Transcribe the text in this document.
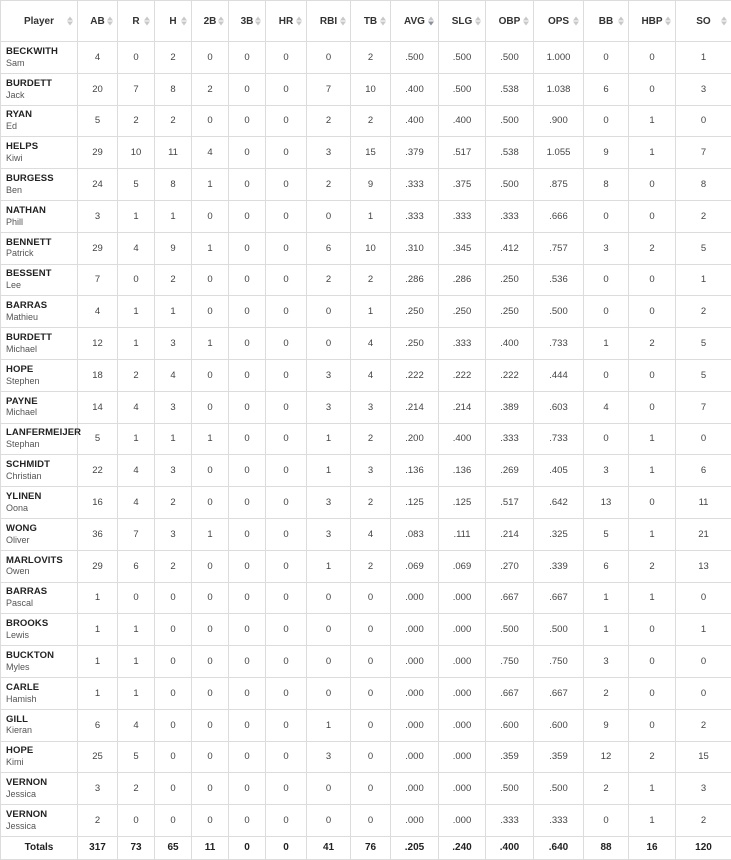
Player	AB	R	H	2B	3B	HR	RBI	TB	AVG	SLG	OBP	OPS	BB	HBP	SO

BECKWITH
Sam	4	0	2	0	0	0	0	2	.500	.500	.500	1.000	0	0	1

BURDETT
Jack	20	7	8	2	0	0	7	10	.400	.500	.538	1.038	6	0	3

RYAN
Ed	5	2	2	0	0	0	2	2	.400	.400	.500	.900	0	1	0

HELPS
Kiwi	29	10	11	4	0	0	3	15	.379	.517	.538	1.055	9	1	7

BURGESS
Ben	24	5	8	1	0	0	2	9	.333	.375	.500	.875	8	0	8

NATHAN
Phill	3	1	1	0	0	0	0	1	.333	.333	.333	.666	0	0	2

BENNETT
Patrick	29	4	9	1	0	0	6	10	.310	.345	.412	.757	3	2	5

BESSENT
Lee	7	0	2	0	0	0	2	2	.286	.286	.250	.536	0	0	1

BARRAS
Mathieu	4	1	1	0	0	0	0	1	.250	.250	.250	.500	0	0	2

BURDETT
Michael	12	1	3	1	0	0	0	4	.250	.333	.400	.733	1	2	5

HOPE
Stephen	18	2	4	0	0	0	3	4	.222	.222	.222	.444	0	0	5

PAYNE
Michael	14	4	3	0	0	0	3	3	.214	.214	.389	.603	4	0	7

LANFERMEIJER
Stephan	5	1	1	1	0	0	1	2	.200	.400	.333	.733	0	1	0

SCHMIDT
Christian	22	4	3	0	0	0	1	3	.136	.136	.269	.405	3	1	6

YLINEN
Oona	16	4	2	0	0	0	3	2	.125	.125	.517	.642	13	0	11

WONG
Oliver	36	7	3	1	0	0	3	4	.083	.111	.214	.325	5	1	21

MARLOVITS
Owen	29	6	2	0	0	0	1	2	.069	.069	.270	.339	6	2	13

BARRAS
Pascal	1	0	0	0	0	0	0	0	.000	.000	.667	.667	1	1	0

BROOKS
Lewis	1	1	0	0	0	0	0	0	.000	.000	.500	.500	1	0	1

BUCKTON
Myles	1	1	0	0	0	0	0	0	.000	.000	.750	.750	3	0	0

CARLE
Hamish	1	1	0	0	0	0	0	0	.000	.000	.667	.667	2	0	0

GILL
Kieran	6	4	0	0	0	0	1	0	.000	.000	.600	.600	9	0	2

HOPE
Kimi	25	5	0	0	0	0	3	0	.000	.000	.359	.359	12	2	15

VERNON
Jessica	3	2	0	0	0	0	0	0	.000	.000	.500	.500	2	1	3

VERNON
Jessica	2	0	0	0	0	0	0	0	.000	.000	.333	.333	0	1	2
Totals	317	73	65	11	0	0	41	76	.205	.240	.400	.640	88	16	120
